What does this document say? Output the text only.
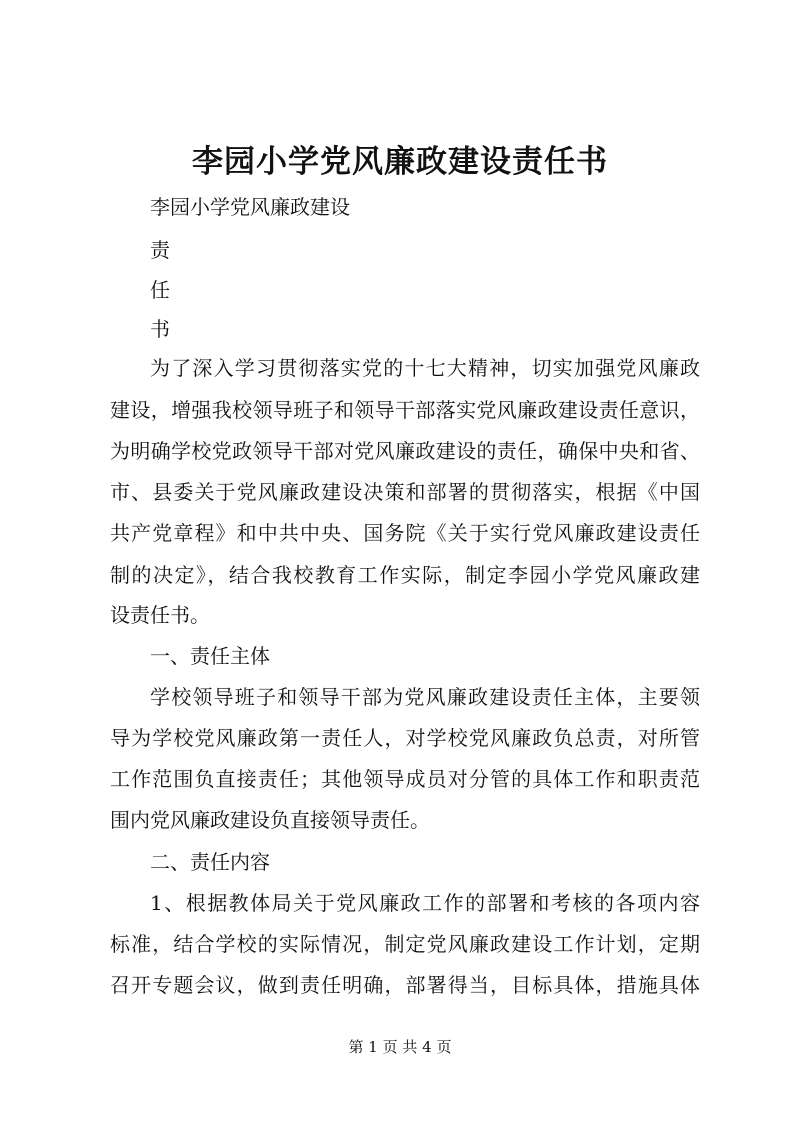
李园小学党风廉政建设责任书
李园小学党风廉政建设
责
任
书
为了深入学习贯彻落实党的十七大精神，切实加强党风廉政
建设，增强我校领导班子和领导干部落实党风廉政建设责任意识，
为明确学校党政领导干部对党风廉政建设的责任，确保中央和省、
市、县委关于党风廉政建设决策和部署的贯彻落实，根据《中国
共产党章程》和中共中央、国务院《关于实行党风廉政建设责任
制的决定》，结合我校教育工作实际，制定李园小学党风廉政建
设责任书。
一、责任主体
学校领导班子和领导干部为党风廉政建设责任主体，主要领
导为学校党风廉政第一责任人，对学校党风廉政负总责，对所管
工作范围负直接责任；其他领导成员对分管的具体工作和职责范
围内党风廉政建设负直接领导责任。
二、责任内容
1、根据教体局关于党风廉政工作的部署和考核的各项内容
标准，结合学校的实际情况，制定党风廉政建设工作计划，定期
召开专题会议，做到责任明确，部署得当，目标具体，措施具体
第 1 页 共 4 页
